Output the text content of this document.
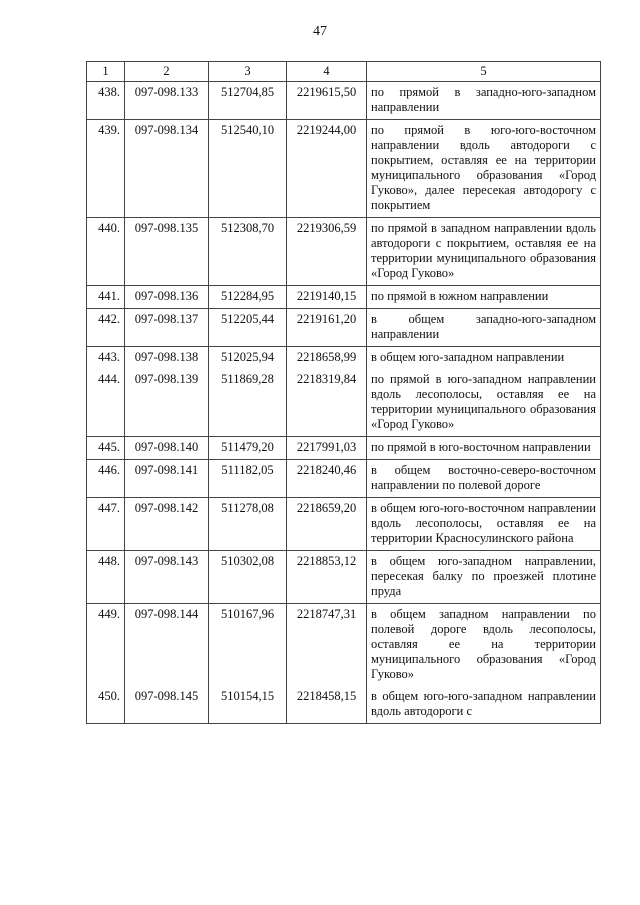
47
1	2	3	4	5
438.	097-098.133	512704,85	2219615,50	по прямой в западно-юго-западном направлении
439.	097-098.134	512540,10	2219244,00	по прямой в юго-юго-восточном направлении вдоль автодороги с покрытием, оставляя ее на территории муниципального образования «Город Гуково», далее пересекая автодорогу с покрытием
440.	097-098.135	512308,70	2219306,59	по прямой в западном направлении вдоль автодороги с покрытием, оставляя ее на территории муниципального образования «Город Гуково»
441.	097-098.136	512284,95	2219140,15	по прямой в южном направлении
442.	097-098.137	512205,44	2219161,20	в общем западно-юго-западном направлении
443.	097-098.138	512025,94	2218658,99	в общем юго-западном направлении
444.	097-098.139	511869,28	2218319,84	по прямой в юго-западном направлении вдоль лесополосы, оставляя ее на территории муниципального образования «Город Гуково»
445.	097-098.140	511479,20	2217991,03	по прямой в юго-восточном направлении
446.	097-098.141	511182,05	2218240,46	в общем восточно-северо-восточном направлении по полевой дороге
447.	097-098.142	511278,08	2218659,20	в общем юго-юго-восточном направлении вдоль лесополосы, оставляя ее на территории Красносулинского района
448.	097-098.143	510302,08	2218853,12	в общем юго-западном направлении, пересекая балку по проезжей плотине пруда
449.	097-098.144	510167,96	2218747,31	в общем западном направлении по полевой дороге вдоль лесополосы, оставляя ее на территории муниципального образования «Город Гуково»
450.	097-098.145	510154,15	2218458,15	в общем юго-юго-западном направлении вдоль автодороги с
